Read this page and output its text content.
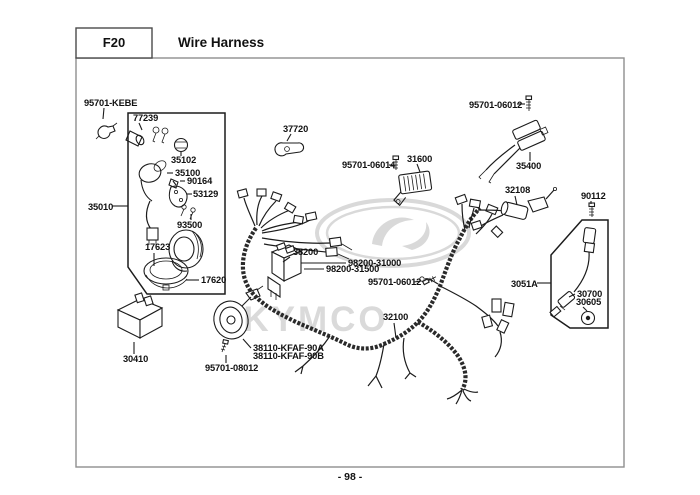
KYMCO
F20	Wire Harness
- 98 -
95701-KEBE
77239
35102
35100
90164
53129
35010
93500
17623
17620
30410
37720
95701-06014
31600
38200
98200-31000
98200-31500
95701-06012
32100
38110-KFAF-90A
38110-KFAF-90B
95701-08012
95701-06012
35400
32108
90112
3051A
30700
30605
